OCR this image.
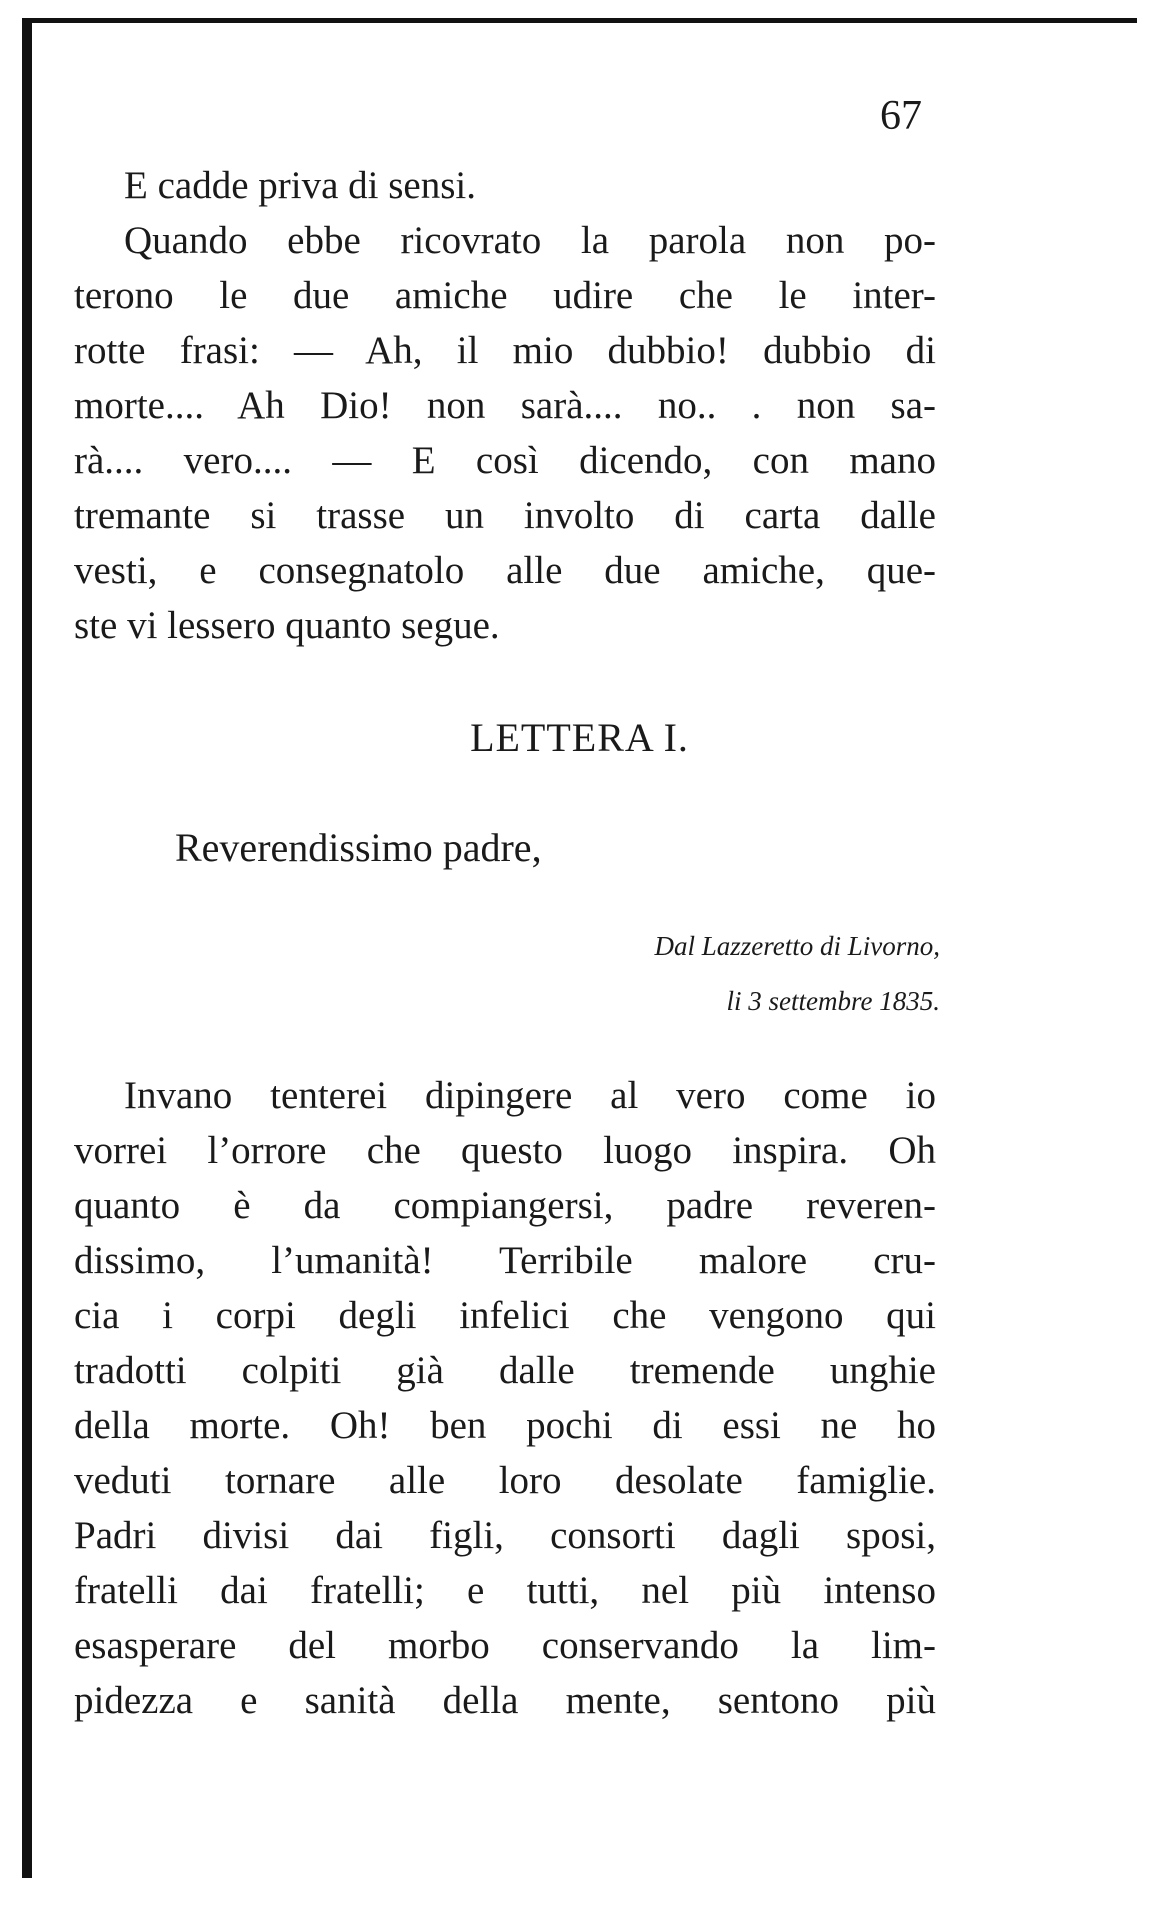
67
E cadde priva di sensi.
Quando ebbe ricovrato la parola non po-
terono le due amiche udire che le inter-
rotte frasi: — Ah, il mio dubbio! dubbio di
morte.... Ah Dio! non sarà.... no.. . non sa-
rà.... vero.... — E così dicendo, con mano
tremante si trasse un involto di carta dalle
vesti, e consegnatolo alle due amiche, que-
ste vi lessero quanto segue.
LETTERA I.
Reverendissimo padre,
Dal Lazzeretto di Livorno,
li 3 settembre 1835.
Invano tenterei dipingere al vero come io
vorrei l’orrore che questo luogo inspira. Oh
quanto è da compiangersi, padre reveren-
dissimo, l’umanità! Terribile malore cru-
cia i corpi degli infelici che vengono qui
tradotti colpiti già dalle tremende unghie
della morte. Oh! ben pochi di essi ne ho
veduti tornare alle loro desolate famiglie.
Padri divisi dai figli, consorti dagli sposi,
fratelli dai fratelli; e tutti, nel più intenso
esasperare del morbo conservando la lim-
pidezza e sanità della mente, sentono più
